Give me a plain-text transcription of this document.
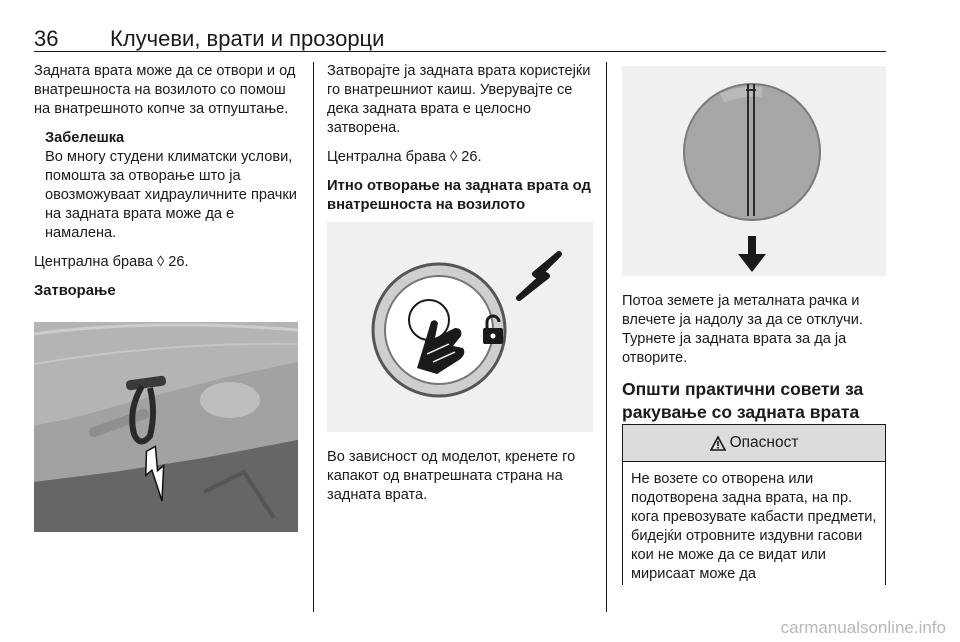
36 Клучеви, врати и прозорци

Задната врата може да се отвори и од внатрешноста на возилото со помош на внатрешното копче за отпуштање.

Забелешка
Во многу студени климатски услови, помошта за отворање што ја овозможуваат хидрауличните прачки на задната врата може да е намалена.

Централна брава ◊ 26.

Затворање

Затворајте ја задната врата користејќи го внатрешниот каиш. Уверувајте се дека задната врата е целосно затворена.

Централна брава ◊ 26.

Итно отворање на задната врата од внатрешноста на возилото

Во зависност од моделот, кренете го капакот од внатрешната страна на задната врата.

Потоа земете ја металната рачка и влечете ја надолу за да се отклучи. Турнете ја задната врата за да ја отворите.

Општи практични совети за ракување со задната врата
Опасност
Не возете со отворена или подотворена задна врата, на пр. кога превозувате кабасти предмети, бидејќи отровните издувни гасови кои не може да се видат или мирисаат може да
carmanualsonline.info
